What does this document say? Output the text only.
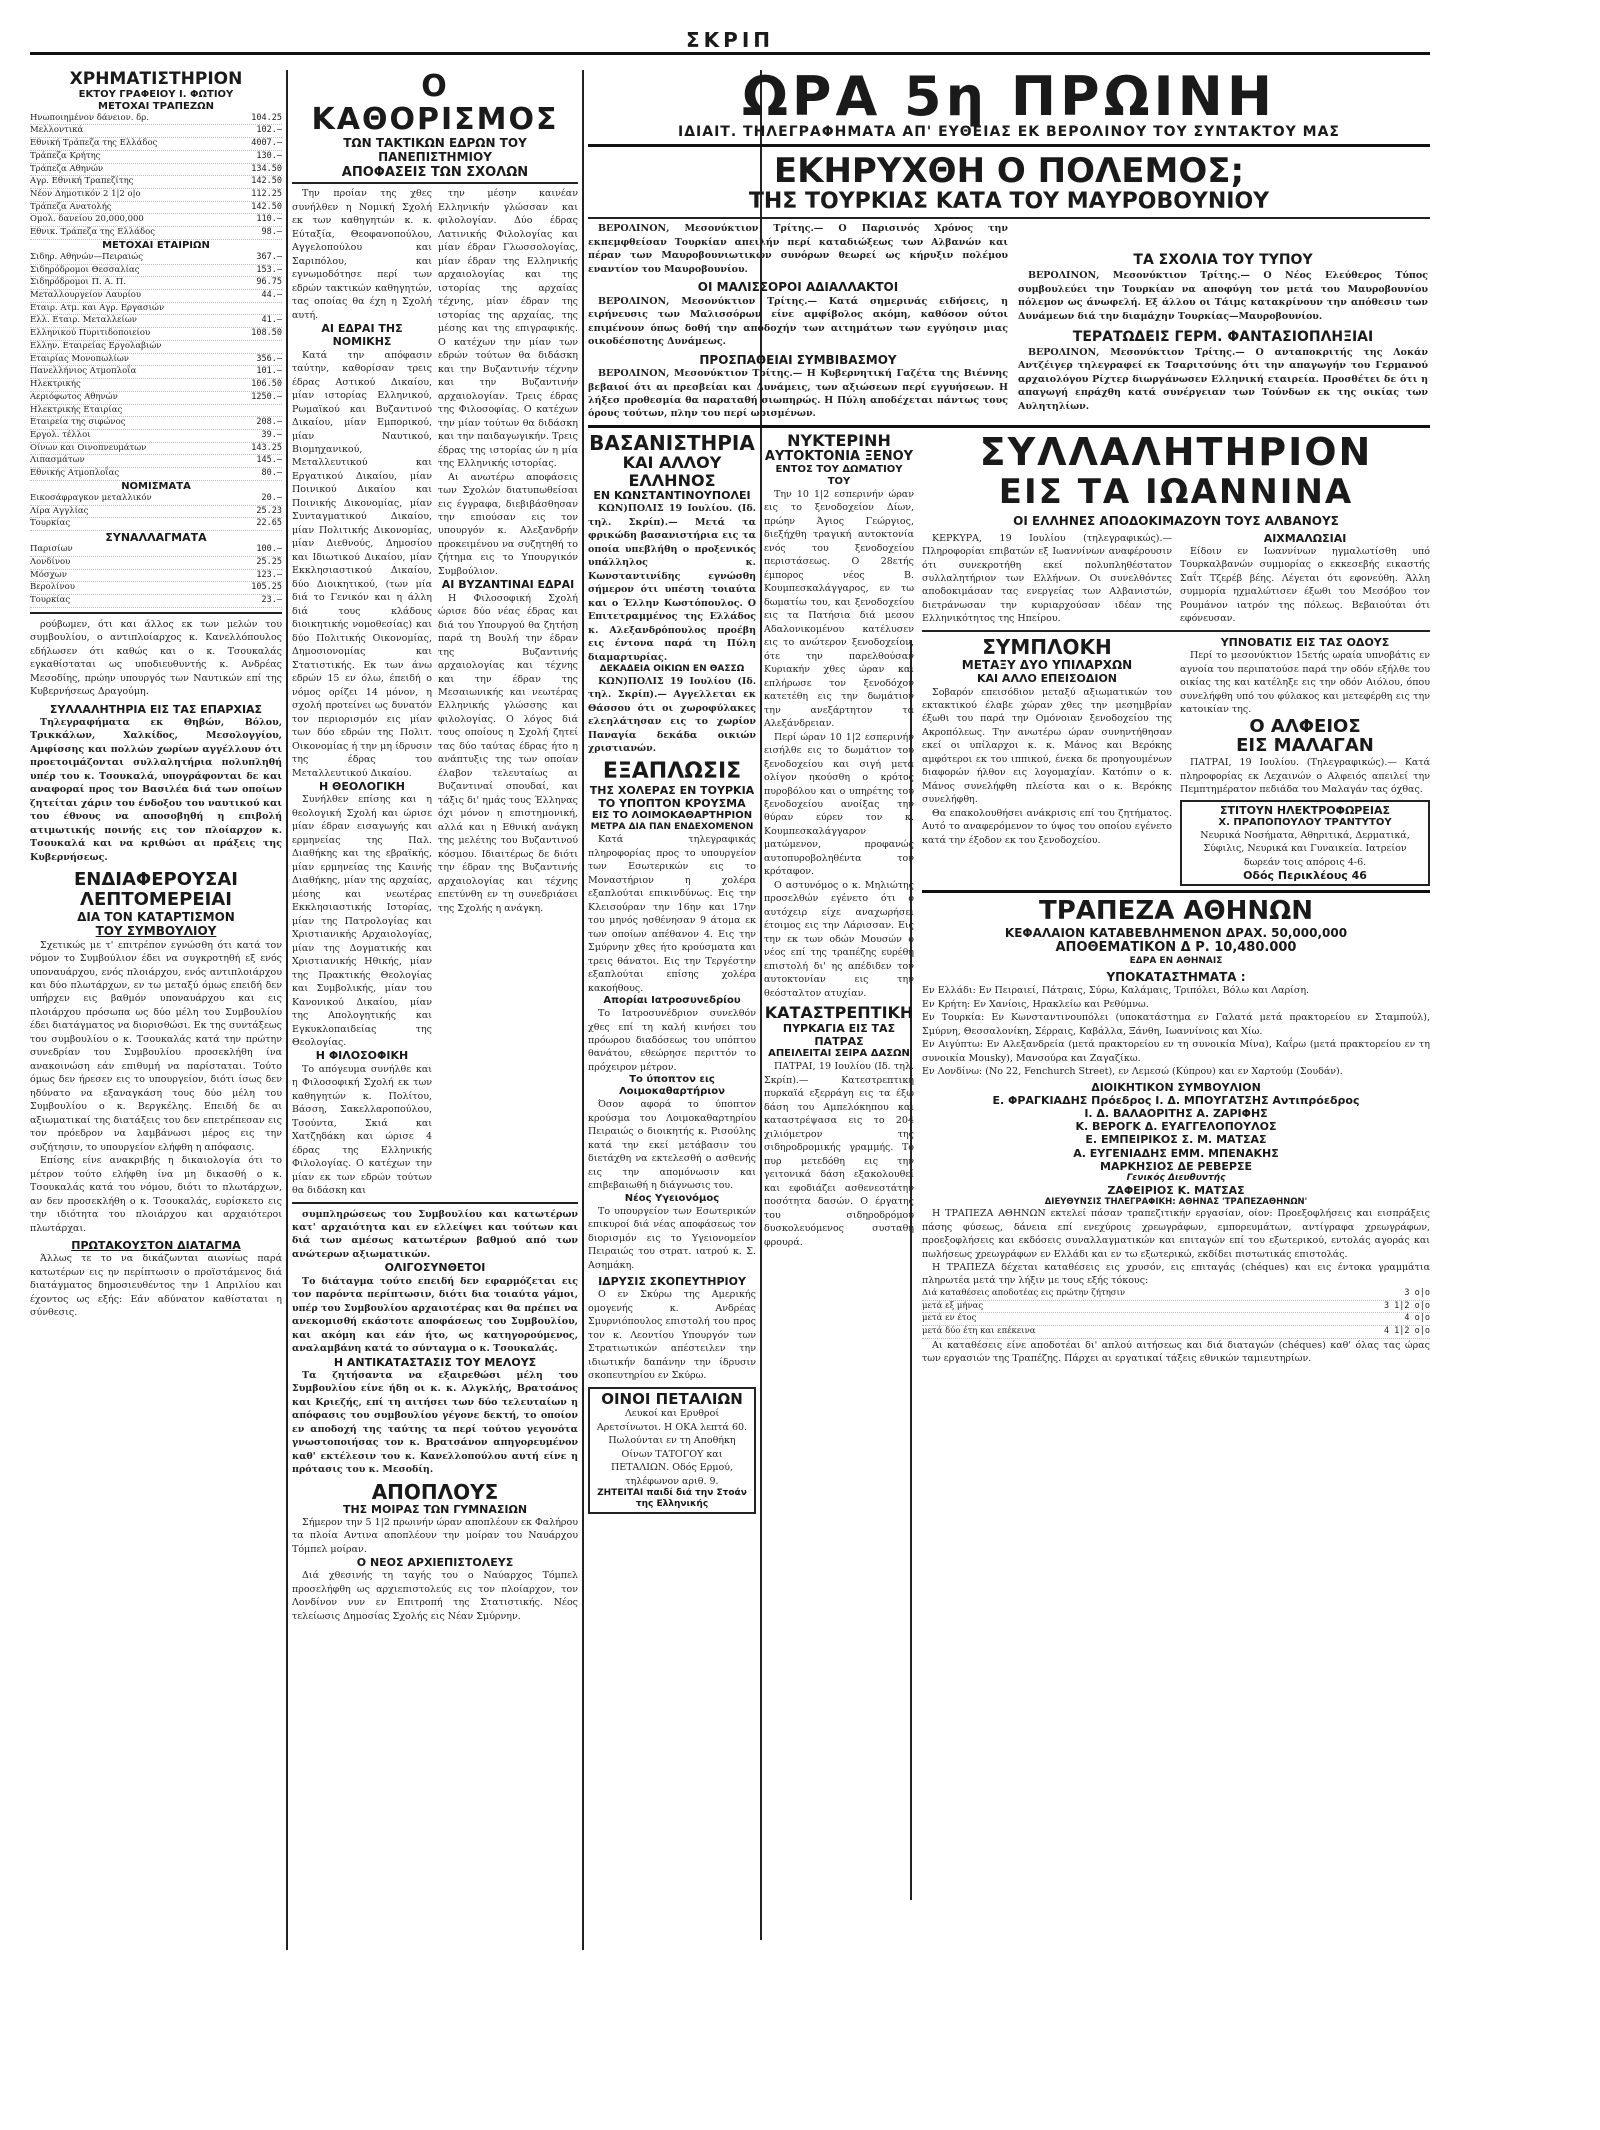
ΣΚΡΙΠ
ΧΡΗΜΑΤΙΣΤΗΡΙΟΝ
ΕΚΤΟΥ ΓΡΑΦΕΙΟΥ Ι. ΦΩΤΙΟΥ
ΜΕΤΟΧΑΙ ΤΡΑΠΕΖΩΝ
Ηνωποιημένον δάνειον. δρ.	104.25
Μελλοντικά	102.—
Εθνική Τράπεζα της Ελλάδος	4007.—
Τράπεζα Κρήτης	130.—
Τράπεζα Αθηνών	134.50
Αγρ. Εθνική Τραπεζίτης	142.50
Νέον Δημοτικόν 2 1|2 ο|ο	112.25
Τράπεζα Ανατολής	142.50
Ομολ. δανείου 20,000,000	110.—
Εθνικ. Τράπεζα της Ελλάδος	98.—
ΜΕΤΟΧΑΙ ΕΤΑΙΡΙΩΝ
Σιδηρ. Αθηνών—Πειραιώς	367.—
Σιδηρόδρομοι Θεσσαλίας	153.—
Σιδηρόδρομοι Π. Α. Π.	96.75
Μεταλλουργείον Λαυρίου	44.—
Εταιρ. Ατμ. και Αγρ. Εργασιών
Ελλ. Εταιρ. Μεταλλείων	41.—
Ελληνικού Πυριτιδοποιείου	108.50
Ελλην. Εταιρείας Εργολαβιών
Εταιρίας Μονοπωλίων	356.—
Πανελλήνιος Ατμοπλοΐα	101.—
Ηλεκτρικής	106.50
Αεριόφωτος Αθηνών	1250.—
Ηλεκτρικής Εταιρίας
Εταιρεία της σιφώνος	208.—
Εργολ. τέλλοι	39.—
Οίνων και Οινοπνευμάτων	143.25
Λιπασμάτων	145.—
Εθνικής Ατμοπλοΐας	80.—
ΝΟΜΙΣΜΑΤΑ
Εικοσάφραγκον μεταλλικόν	20.—
Λίρα Αγγλίας	25.23
Τουρκίας	22.65
ΣΥΝΑΛΛΑΓΜΑΤΑ
Παρισίων	100.—
Λονδίνου	25.25
Μόσχων	123.—
Βερολίνου	105.25
Τουρκίας	23.—
ρούβωμεν, ότι και άλλος εκ των μελών του συμβουλίου, ο αντιπλοίαρχος κ. Κανελλόπουλος εδήλωσεν ότι καθώς και ο κ. Τσουκαλάς εγκαθίσταται ως υποδιευθυντής κ. Ανδρέας Μεσοδίης, πρώην υπουργός των Ναυτικών επί της Κυβερνήσεως Δραγούμη.
ΣΥΛΛΑΛΗΤΗΡΙΑ ΕΙΣ ΤΑΣ ΕΠΑΡΧΙΑΣ
Τηλεγραφήματα εκ Θηβών, Βόλου, Τρικκάλων, Χαλκίδος, Μεσολογγίου, Αμφίσσης και πολλών χωρίων αγγέλλουν ότι προετοιμάζονται συλλαλητήρια πολυπληθή υπέρ του κ. Τσουκαλά, υπογράφονται δε και αναφοραί προς τον Βασιλέα διά των οποίων ζητείται χάριν του ένδοξου του ναυτικού και του έθνους να αποσοβηθή η επιβολή ατιμωτικής ποινής εις τον πλοίαρχον κ. Τσουκαλά και να κριθώσι αι πράξεις της Κυβερνήσεως.
ΕΝΔΙΑΦΕΡΟΥΣΑΙ ΛΕΠΤΟΜΕΡΕΙΑΙ
ΔΙΑ ΤΟΝ ΚΑΤΑΡΤΙΣΜΟΝ
ΤΟΥ ΣΥΜΒΟΥΛΙΟΥ
Σχετικώς με τ' επιτρέπον εγνώσθη ότι κατά τον νόμον το Συμβούλιον έδει να συγκροτηθή εξ ενός υποναυάρχου, ενός πλοιάρχου, ενός αντιπλοιάρχου και δύο πλωτάρχων, εν τω μεταξύ όμως επειδή δεν υπήρχεν εις βαθμόν υποναυάρχου και εις πλοιάρχου πρόσωπα ως δύο μέλη του Συμβουλίου έδει διατάγματος να διορισθώσι. Εκ της συντάξεως του συμβουλίου ο κ. Τσουκαλάς κατά την πρώτην συνεδρίαν του Συμβουλίου προσεκλήθη ίνα ανακοινώση εάν επιθυμή να παρίσταται. Τούτο όμως δεν ήρεσεν εις το υπουργείον, διότι ίσως δεν ηδύνατο να εξαναγκάση τους δύο μέλη του Συμβουλίου ο κ. Βεργκέλης. Επειδή δε αι αξιωματικαί της διατάξεις του δεν επετρέπεσαν εις τον πρόεδρον να λαμβάνωσι μέρος εις την συζήτησιν, το υπουργείον ελήφθη η απόφασις.
Επίσης είνε ανακριβής η δικαιολογία ότι το μέτρον τούτο ελήφθη ίνα μη δικασθή ο κ. Τσουκαλάς κατά του νόμου, διότι το πλωτάρχων, αν δεν προσεκλήθη ο κ. Τσουκαλάς, ευρίσκετο εις την ιδιότητα του πλοιάρχου και αρχαιότεροι πλωτάρχαι.
ΠΡΩΤΑΚΟΥΣΤΟΝ ΔΙΑΤΑΓΜΑ
Άλλως τε το να δικάζωνται αιωνίως παρά κατωτέρων εις ην περίπτωσιν ο προϊστάμενος διά διατάγματος δημοσιευθέντος την 1 Απριλίου και έχοντος ως εξής: Εάν αδύνατον καθίσταται η σύνθεσις.
Ο ΚΑΘΟΡΙΣΜΟΣ
ΤΩΝ ΤΑΚΤΙΚΩΝ ΕΔΡΩΝ ΤΟΥ ΠΑΝΕΠΙΣΤΗΜΙΟΥ
ΑΠΟΦΑΣΕΙΣ ΤΩΝ ΣΧΟΛΩΝ
Την προίαν της χθες συνήλθεν η Νομική Σχολή εκ των καθηγητών κ. κ. Εύταξία, Θεοφανοπούλου, Αγγελοπούλου και Σαριπόλου, και εγνωμοδότησε περί των εδρών τακτικών καθηγητών, τας οποίας θα έχη η Σχολή αυτή.
ΑΙ ΕΔΡΑΙ ΤΗΣ ΝΟΜΙΚΗΣ
Κατά την απόφασιν ταύτην, καθορίσαν τρεις έδρας Αστικού Δικαίου, μίαν ιστορίας Ελληνικού, Ρωμαϊκού και Βυζαντινού Δικαίου, μίαν Εμπορικού, μίαν Ναυτικού, Βιομηχανικού, Μεταλλευτικού και Εργατικού Δικαίου, μίαν Ποινικού Δικαίου και Ποινικής Δικονομίας, μίαν Συνταγματικού Δικαίου, μίαν Πολιτικής Δικονομίας, μίαν Διεθνούς, Δημοσίου και Ιδιωτικού Δικαίου, μίαν Εκκλησιαστικού Δικαίου, δύο Διοικητικού, (των μία διά το Γενικόν και η άλλη διά τους κλάδους διοικητικής νομοθεσίας) και δύο Πολιτικής Οικονομίας, Δημοσιονομίας και Στατιστικής. Εκ των άνω εδρών 15 εν όλω, έπειδή ο νόμος ορίζει 14 μόνον, η σχολή προτείνει ως δυνατόν τον περιορισμόν εις μίαν των δύο εδρών της Πολιτ. Οικονομίας ή την μη ίδρυσιν της έδρας του Μεταλλευτικού Δικαίου.
Η ΘΕΟΛΟΓΙΚΗ
Συνήλθεν επίσης και η θεολογική Σχολή και ώρισε μίαν έδραν εισαγωγής και ερμηνείας της Παλ. Διαθήκης και της εβραϊκής, μίαν ερμηνείας της Καινής Διαθήκης, μίαν της αρχαίας, μέσης και νεωτέρας Εκκλησιαστικής Ιστορίας, μίαν της Πατρολογίας και Χριστιανικής Αρχαιολογίας, μίαν της Δογματικής και Χριστιανικής Ηθικής, μίαν της Πρακτικής Θεολογίας και Συμβολικής, μίαν του Κανονικού Δικαίου, μίαν της Απολογητικής και Εγκυκλοπαιδείας της Θεολογίας.
Η ΦΙΛΟΣΟΦΙΚΗ
Το απόγευμα συνήλθε και η Φιλοσοφική Σχολή εκ των καθηγητών κ. Πολίτου, Βάσση, Σακελλαροπούλου, Τσούντα, Σκιά και Χατζηδάκη και ώρισε 4 έδρας της Ελληνικής Φιλολογίας. Ο κατέχων την μίαν εκ των εδρών τούτων θα διδάσκη και
την μέσην καινέαν Ελληνικήν γλώσσαν και φιλολογίαν. Δύο έδρας Λατινικής Φιλολογίας και μίαν έδραν Γλωσσολογίας, μίαν έδραν της Ελληνικής αρχαιολογίας και της ιστορίας της αρχαίας τέχνης, μίαν έδραν της ιστορίας της αρχαίας, της μέσης και της επιγραφικής. Ο κατέχων την μίαν των εδρών τούτων θα διδάσκη και την Βυζαντινήν τέχνην και την Βυζαντινήν αρχαιολογίαν. Τρεις έδρας της Φιλοσοφίας. Ο κατέχων την μίαν τούτων θα διδάσκη και την παιδαγωγικήν. Τρεις έδρας της ιστορίας ών η μία της Ελληνικής ιστορίας.
Αι ανωτέρω αποφάσεις των Σχολών διατυπωθείσαι εις έγγραφα, διεβιβάσθησαν την επιούσαν εις τον υπουργόν κ. Αλεξανδρήν προκειμένου να συζητηθή το ζήτημα εις το Υπουργικόν Συμβούλιον.
ΑΙ ΒΥΖΑΝΤΙΝΑΙ ΕΔΡΑΙ
Η Φιλοσοφική Σχολή ώρισε δύο νέας έδρας και διά του Υπουργού θα ζητήση παρά τη Βουλή την έδραν της Βυζαντινής αρχαιολογίας και τέχνης και την έδραν της Μεσαιωνικής και νεωτέρας Ελληνικής γλώσσης και φιλολογίας. Ο λόγος διά τους οποίους η Σχολή ζητεί τας δύο ταύτας έδρας ήτο η ανάπτυξις της των οποίαν έλαβον τελευταίως αι Βυζαντιναί σπουδαί, και τάξις δι' ημάς τους Έλληνας όχι μόνον η επιστημονική, αλλά και η Εθνική ανάγκη της μελέτης του Βυζαντινού κόσμου. Ιδιαιτέρως δε διότι την έδραν της Βυζαντινής αρχαιολογίας και τέχνης επετύνθη εν τη συνεδριάσει της Σχολής η ανάγκη.
συμπληρώσεως του Συμβουλίου και κατωτέρων κατ' αρχαιότητα και εν ελλείψει και τούτων και διά των αμέσως κατωτέρων βαθμού από των ανώτερων αξιωματικών.
ΟΛΙΓΟΣΥΝΘΕΤΟΙ
Το διάταγμα τούτο επειδή δεν εφαρμόζεται εις τον παρόντα περίπτωσιν, διότι δια τοιαύτα γάμοι, υπέρ του Συμβουλίου αρχαιοτέρας και θα πρέπει να ανεκομισθή εκάστοτε αποφάσεως του Συμβουλίου, και ακόμη και εάν ήτο, ως κατηγορούμενος, αναλαμβάνη κατά το σύνταγμα ο κ. Τσουκαλάς.
Η ΑΝΤΙΚΑΤΑΣΤΑΣΙΣ ΤΟΥ ΜΕΛΟΥΣ
Τα ζητήσαντα να εξαιρεθώσι μέλη του Συμβουλίου είνε ήδη οι κ. κ. Αλγκλής, Βρατσάνος και Κριεζής, επί τη αιτήσει των δύο τελευταίων η απόφασις του συμβουλίου γέγονε δεκτή, το οποίον εν αποδοχή της ταύτης τα περί τούτου γεγονότα γνωστοποιήσας τον κ. Βρατσάνον απηγορευμένον καθ' εκτέλεσιν του κ. Κανελλοπούλου αυτή είνε η πρότασις του κ. Μεσοδίη.
ΑΠΟΠΛΟΥΣ
ΤΗΣ ΜΟΙΡΑΣ ΤΩΝ ΓΥΜΝΑΣΙΩΝ
Σήμερον την 5 1|2 πρωινήν ώραν αποπλέουν εκ Φαλήρου τα πλοία Αντινα αποπλέουν την μοίραν του Ναυάρχου Τόμπελ μοίραν.
Ο ΝΕΟΣ ΑΡΧΙΕΠΙΣΤΟΛΕΥΣ
Διά χθεσινής τη ταγής του ο Ναύαρχος Τόμπελ προσελήφθη ως αρχιεπιστολεύς εις τον πλοίαρχον, τον Λονδίνον νυν εν Επιτροπή της Στατιστικής. Νέος τελείωσις Δημοσίας Σχολής εις Νέαν Σμύρνην.
ΩΡΑ 5η ΠΡΩΙΝΗ
ΙΔΙΑΙΤ. ΤΗΛΕΓΡΑΦΗΜΑΤΑ ΑΠ' ΕΥΘΕΙΑΣ ΕΚ ΒΕΡΟΛΙΝΟΥ ΤΟΥ ΣΥΝΤΑΚΤΟΥ ΜΑΣ
ΕΚΗΡΥΧΘΗ Ο ΠΟΛΕΜΟΣ;
ΤΗΣ ΤΟΥΡΚΙΑΣ ΚΑΤΑ ΤΟΥ ΜΑΥΡΟΒΟΥΝΙΟΥ
ΒΕΡΟΛΙΝΟΝ, Μεσονύκτιον Τρίτης.— Ο Παρισινός Χρόνος την εκπεμφθείσαν Τουρκίαν απειλήν περί καταδιώξεως των Αλβανών και πέραν των Μαυροβουνιωτικών συνόρων θεωρεί ως κήρυξιν πολέμου εναντίον του Μαυροβουνίου.
ΟΙ ΜΑΛΙΣΣΟΡΟΙ ΑΔΙΑΛΛΑΚΤΟΙ
ΒΕΡΟΛΙΝΟΝ, Μεσονύκτιον Τρίτης.— Κατά σημερινάς ειδήσεις, η ειρήνευσις των Μαλισσόρων είνε αμφίβολος ακόμη, καθόσον ούτοι επιμένουν όπως δοθή την αποδοχήν των αιτημάτων των εγγύησιν μιας οικοδέσποτης Δυνάμεως.
ΠΡΟΣΠΑΘΕΙΑΙ ΣΥΜΒΙΒΑΣΜΟΥ
ΒΕΡΟΛΙΝΟΝ, Μεσονύκτιον Τρίτης.— Η Κυβερνητική Γαζέτα της Βιέννης βεβαιοί ότι αι πρεσβείαι και Δυνάμεις, των αξιώσεων περί εγγυήσεων. Η λήξεσ προθεσμία θα παραταθή σιωπηρώς. Η Πύλη αποδέχεται πάντως τους όρους τούτων, πλην του περί ωρισμένων.
ΤΑ ΣΧΟΛΙΑ ΤΟΥ ΤΥΠΟΥ
ΒΕΡΟΛΙΝΟΝ, Μεσονύκτιον Τρίτης.— Ο Νέος Ελεύθερος Τύπος συμβουλεύει την Τουρκίαν να αποφύγη τον μετά του Μαυροβουνίου πόλεμον ως άνωφελή. Εξ άλλου οι Τάιμς κατακρίνουν την απόθεσιν των Δυνάμεων διά την διαμάχην Τουρκίας—Μαυροβουνίου.
ΤΕΡΑΤΩΔΕΙΣ ΓΕΡΜ. ΦΑΝΤΑΣΙΟΠΛΗΞΙΑΙ
ΒΕΡΟΛΙΝΟΝ, Μεσονύκτιον Τρίτης.— Ο ανταποκριτής της Λοκάν Αντζέιγερ τηλεγραφεί εκ Τσαριτσύνης ότι την απαγωγήν του Γερμανού αρχαιολόγου Ρίχτερ διωργάνωσεν Ελληνική εταιρεία. Προσθέτει δε ότι η απαγωγή επράχθη κατά συνέργειαν των Τούνδων εκ της οικίας των Αυλητηλίων.
ΒΑΣΑΝΙΣΤΗΡΙΑ
ΚΑΙ ΑΛΛΟΥ ΕΛΛΗΝΟΣ
ΕΝ ΚΩΝΣΤΑΝΤΙΝΟΥΠΟΛΕΙ
ΚΩΝ)ΠΟΛΙΣ 19 Ιουλίου. (Ιδ. τηλ. Σκρίπ).— Μετά τα φρικώδη βασανιστήρια εις τα οποία υπεβλήθη ο προξενικός υπάλληλος κ. Κωνσταντινίδης εγνώσθη σήμερον ότι υπέστη τοιαύτα και ο Έλλην Κωστόπουλος. Ο Επιτετραμμένος της Ελλάδος κ. Αλεξανδρόπουλος προέβη εις έντονα παρά τη Πύλη διαμαρτυρίας.
ΔΕΚΑΔΕΙΑ ΟΙΚΙΩΝ ΕΝ ΘΑΣΣΩ
ΚΩΝ)ΠΟΛΙΣ 19 Ιουλίου (Ιδ. τηλ. Σκρίπ).— Αγγελλεται εκ Θάσσου ότι οι χωροφύλακες ελεηλάτησαν εις το χωρίον Παναγία δεκάδα οικιών χριστιανών.
ΕΞΑΠΛΩΣΙΣ
ΤΗΣ ΧΟΛΕΡΑΣ ΕΝ ΤΟΥΡΚΙΑ
ΤΟ ΥΠΟΠΤΟΝ ΚΡΟΥΣΜΑ
ΕΙΣ ΤΟ ΛΟΙΜΟΚΑΘΑΡΤΗΡΙΟΝ
ΜΕΤΡΑ ΔΙΑ ΠΑΝ ΕΝΔΕΧΟΜΕΝΟΝ
Κατά τηλεγραφικάς πληροφορίας προς το υπουργείον των Εσωτερικών εις το Μοναστήριον η χολέρα εξαπλούται επικινδύνως. Εις την Κλεισούραν την 16ην και 17ην του μηνός ησθένησαν 9 άτομα εκ των οποίων απέθανον 4. Εις την Σμύρνην χθες ήτο κρούσματα και τρεις θάνατοι. Εις την Τεργέστην εξαπλούται επίσης χολέρα κακοήθους.
Απορίαι Ιατροσυνεδρίου
Το Ιατροσυνέδριον συνελθόν χθες επί τη καλή κινήσει του πρόωρου διαδόσεως του υπόπτου θανάτου, εθεώρησε περιττόν το πρόχειρον μέτρον.
Το ύποπτον εις Λοιμοκαθαρτήριον
Όσον αφορά το ύποπτον κρούσμα του Λοιμοκαθαρτηρίου Πειραιώς ο διοικητής κ. Ρισούλης κατά την εκεί μετάβασιν του διετάχθη να εκτελεσθή ο ασθενής εις την απομόνωσιν και επιβεβαιωθή η διάγνωσις του.
Νέος Υγειονόμος
Το υπουργείον των Εσωτερικών επικυροί διά νέας αποφάσεως τον διορισμόν εις το Υγειονομείον Πειραιώς του στρατ. ιατρού κ. Σ. Ασημάκη.
ΙΔΡΥΣΙΣ ΣΚΟΠΕΥΤΗΡΙΟΥ
Ο εν Σκύρω της Αμερικής ομογενής κ. Ανδρέας Σμυρνιόπουλος επιστολή του προς τον κ. Λεοντίου Υπουργόν των Στρατιωτικών απέστειλεν την ιδιωτικήν δαπάνην την ίδρυσιν σκοπευτηρίου εν Σκύρω.
ΟΙΝΟΙ ΠΕΤΑΛΙΩΝ
Λευκοί και Ερυθροί Αρετσίνωτοι. Η ΟΚΑ λεπτά 60. Πωλούνται εν τη Αποθήκη Οίνων ΤΑΤΟΓΟΥ και ΠΕΤΑΛΙΩΝ. Οδός Ερμού, τηλέφωνον αριθ. 9.
ΖΗΤΕΙΤΑΙ παιδί διά την Στοάν της Ελληνικής
ΝΥΚΤΕΡΙΝΗ
ΑΥΤΟΚΤΟΝΙΑ ΞΕΝΟΥ
ΕΝΤΟΣ ΤΟΥ ΔΩΜΑΤΙΟΥ ΤΟΥ
Την 10 1|2 εσπερινήν ώραν εις το ξενοδοχείον Δίων, πρώην Άγιος Γεώργιος, διεξήχθη τραγική αυτοκτονία ενός του ξενοδοχείου περιστάσεως. Ο 28ετής έμπορος νέος Β. Κουμπεσκαλάγγαρος, εν τω δωματίω του, και ξενοδοχείου εις τα Πατήσια διά μεσου Αδαλονικομένου κατέλυσεν εις το ανώτερον ξενοδοχείον, ότε την παρελθούσαν Κυριακήν χθες ώραν και επλήρωσε τον ξενοδόχον κατετέθη εις την δωμάτιον την ανεξάρτητον τα Αλεξάνδρειαν.
Περί ώραν 10 1|2 εσπερινήν εισήλθε εις το δωμάτιον του ξενοδοχείου και σιγή μετά ολίγον ηκούσθη ο κρότος πυροβόλου και ο υπηρέτης του ξενοδοχείου ανοίξας την θύραν εύρεν τον κ. Κουμπεσκαλάγγαρον ματώμενον, προφανώς αυτοπυροβοληθέντα τον κρόταφον.
Ο αστυνόμος ο κ. Μηλιώτης προσελθών εγένετο ότι ο αυτόχειρ είχε αναχωρήσει έτοιμος εις την Λάρισσαν. Εις την εκ των οδών Μουσών ο νέος επί της τραπέζης ευρέθη επιστολή δι' ης απέδιδεν τον αυτοκτονίαν εις την θεόσταλτον ατυχίαν.
ΚΑΤΑΣΤΡΕΠΤΙΚΗ
ΠΥΡΚΑΓΙΑ ΕΙΣ ΤΑΣ ΠΑΤΡΑΣ
ΑΠΕΙΛΕΙΤΑΙ ΣΕΙΡΑ ΔΑΣΩΝ
ΠΑΤΡΑΙ, 19 Ιουλίου (Ιδ. τηλ. Σκρίπ).— Κατεστρεπτική πυρκαϊά εξερράγη εις τα έξω δάση του Αμπελόκηπου και καταστρέψασα εις το 204 χιλιόμετρον της σιδηροδρομικής γραμμής. Το πυρ μετεδόθη εις την γειτονικά δάση εξακολουθεί και εφοδιάζει ασθενεστάτην ποσότητα δασών. Ο έργατης του σιδηροδρόμου δυσκολευόμενος συσταθή φρουρά.
ΣΥΛΛΑΛΗΤΗΡΙΟΝ
ΕΙΣ ΤΑ ΙΩΑΝΝΙΝΑ
ΟΙ ΕΛΛΗΝΕΣ ΑΠΟΔΟΚΙΜΑΖΟΥΝ ΤΟΥΣ ΑΛΒΑΝΟΥΣ
ΚΕΡΚΥΡΑ, 19 Ιουλίου (τηλεγραφικώς).— Πληροφορίαι επιβατών εξ Ιωαννίνων αναφέρουσιν ότι συνεκροτήθη εκεί πολυπληθέστατον συλλαλητήριον των Ελλήνων. Οι συνελθόντες αποδοκιμάσαν τας ενεργείας των Αλβανιστών, διετράνωσαν την κυριαρχούσαν ιδέαν της Ελληνικότητος της Ηπείρου.
ΑΙΧΜΑΛΩΣΙΑΙ
Είδοιν εν Ιωαννίνων ηγμαλωτίσθη υπό Τουρκαλβανών συμμορίας ο εκκεσεβής εικαστής Σαΐτ Τζερέβ βέης. Λέγεται ότι εφονεύθη. Άλλη συμμορία ηχμαλώτισεν έξωθι του Μεσόβου τον Ρουμάνον ιατρόν της πόλεως. Βεβαιούται ότι εφόνευσαν.
ΣΥΜΠΛΟΚΗ
ΜΕΤΑΞΥ ΔΥΟ ΥΠΙΛΑΡΧΩΝ
ΚΑΙ ΑΛΛΟ ΕΠΕΙΣΟΔΙΟΝ
Σοβαρόν επεισόδιον μεταξύ αξιωματικών του εκτακτικού έλαβε χώραν χθες την μεσημβρίαν έξωθι του παρά την Ομόνοιαν ξενοδοχείου της Ακροπόλεως. Την ανωτέρω ώραν συνηντήθησαν εκεί οι υπίλαρχοι κ. κ. Μάνος και Βερόκης αμφότεροι εκ του ιππικού, ένεκα δε προηγουμένων διαφορών ήλθον εις λογομαχίαν. Κατόπιν ο κ. Μάνος συνελήφθη πλείστα και ο κ. Βερόκης συνελήφθη.
Θα επακολουθήσει ανάκρισις επί του ζητήματος. Αυτό το αναφερόμενον το ύψος του οποίου εγένετο κατά την έξοδον εκ του ξενοδοχείου.
ΥΠΝΟΒΑΤΙΣ ΕΙΣ ΤΑΣ ΟΔΟΥΣ
Περί το μεσονύκτιον 15ετής ωραία υπνοβάτις εν αγνοία του περιπατούσε παρά την οδόν εξήλθε του οικίας της και κατέληξε εις την οδόν Αιόλου, όπου συνελήφθη υπό του φύλακος και μετεφέρθη εις την κατοικίαν της.
Ο ΑΛΦΕΙΟΣ
ΕΙΣ ΜΑΛΑΓΑΝ
ΠΑΤΡΑΙ, 19 Ιουλίου. (Τηλεγραφικώς).— Κατά πληροφορίας εκ Λεχαινών ο Αλφειός απειλεί την Πεμπτημέρατον πεδιάδα του Μαλαγάν τας όχθας.
ΣΤΙΤΟΥΝ ΗΛΕΚΤΡΟΦΩΡΕΙΑΣ
Χ. ΠΡΑΠΟΠΟΥΛΟΥ ΤΡΑΝΤΥΤΟΥ
Νευρικά Νοσήματα, Αθηριτικά, Δερματικά, Σύφιλις, Νευρικά και Γυναικεία. Ιατρείον δωρεάν τοις απόροις 4-6.
Οδός Περικλέους 46
ΤΡΑΠΕΖΑ ΑΘΗΝΩΝ
ΚΕΦΑΛΑΙΟΝ ΚΑΤΑΒΕΒΛΗΜΕΝΟΝ ΔΡΑΧ. 50,000,000
ΑΠΟΘΕΜΑΤΙΚΟΝ Δ Ρ. 10,480.000
ΕΔΡΑ ΕΝ ΑΘΗΝΑΙΣ
ΥΠΟΚΑΤΑΣΤΗΜΑΤΑ :
Εν Ελλάδι: Εν Πειραιεί, Πάτραις, Σύρω, Καλάμαις, Τριπόλει, Βόλω και Λαρίση.
Εν Κρήτη: Εν Χανίοις, Ηρακλείω και Ρεθύμνω.
Εν Τουρκία: Εν Κωνσταντινουπόλει (υποκατάστημα εν Γαλατά μετά πρακτορείου εν Σταμπούλ), Σμύρνη, Θεσσαλονίκη, Σέρραις, Καβάλλα, Ξάνθη, Ιωαννίνοις και Χίω.
Εν Αιγύπτω: Εν Αλεξανδρεία (μετά πρακτορείου εν τη συνοικία Μίνα), Καΐρω (μετά πρακτορείου εν τη συνοικία Mousky), Μανσούρα και Ζαγαζίκω.
Εν Λονδίνω: (No 22, Fenchurch Street), εν Λεμεσώ (Κύπρου) και εν Χαρτούμ (Σουδάν).
ΔΙΟΙΚΗΤΙΚΟΝ ΣΥΜΒΟΥΛΙΟΝ
Ε. ΦΡΑΓΚΙΑΔΗΣ Πρόεδρος Ι. Δ. ΜΠΟΥΓΑΤΣΗΣ Αντιπρόεδρος
Ι. Δ. ΒΑΛΑΟΡΙΤΗΣ Α. ΖΑΡΙΦΗΣ
Κ. ΒΕΡΟΓΚ Δ. ΕΥΑΓΓΕΛΟΠΟΥΛΟΣ
Ε. ΕΜΠΕΙΡΙΚΟΣ Σ. Μ. ΜΑΤΣΑΣ
Α. ΕΥΓΕΝΙΑΔΗΣ ΕΜΜ. ΜΠΕΝΑΚΗΣ
ΜΑΡΚΗΣΙΟΣ ΔΕ ΡΕΒΕΡΣΕ
Γενικός Διευθυντής
ΖΑΦΕΙΡΙΟΣ Κ. ΜΑΤΣΑΣ
ΔΙΕΥΘΥΝΣΙΣ ΤΗΛΕΓΡΑΦΙΚΗ: ΑΘΗΝΑΣ 'ΤΡΑΠΕΖΑΘΗΝΩΝ'
Η ΤΡΑΠΕΖΑ ΑΘΗΝΩΝ εκτελεί πάσαν τραπεζιτικήν εργασίαν, οίον: Προεξοφλήσεις και εισπράξεις πάσης φύσεως, δάνεια επί ενεχύροις χρεωγράφων, εμπορευμάτων, αντίγραφα χρεωγράφων, προεξοφλήσεις και εκδόσεις συναλλαγματικών και επιταγών επί του εξωτερικού, εντολάς αγοράς και πωλήσεως χρεωγράφων εν Ελλάδι και εν τω εξωτερικώ, εκδίδει πιστωτικάς επιστολάς.
Η ΤΡΑΠΕΖΑ δέχεται καταθέσεις εις χρυσόν, εις επιταγάς (chéques) και εις έντοκα γραμμάτια πληρωτέα μετά την λήξιν με τους εξής τόκους:
Διά καταθέσεις αποδοτέας εις πρώτην ζήτησιν	3 ο|ο
μετά εξ μήνας	3 1|2 ο|ο
μετά εν έτος	4 ο|ο
μετά δύο έτη και επέκεινα	4 1|2 ο|ο
Αι καταθέσεις είνε αποδοτέαι δι' απλού αιτήσεως και διά διαταγών (chéques) καθ' όλας τας ώρας των εργασιών της Τραπέζης. Πάρχει αι εργατικαί τάξεις εθνικών ταμιευτηρίων.
